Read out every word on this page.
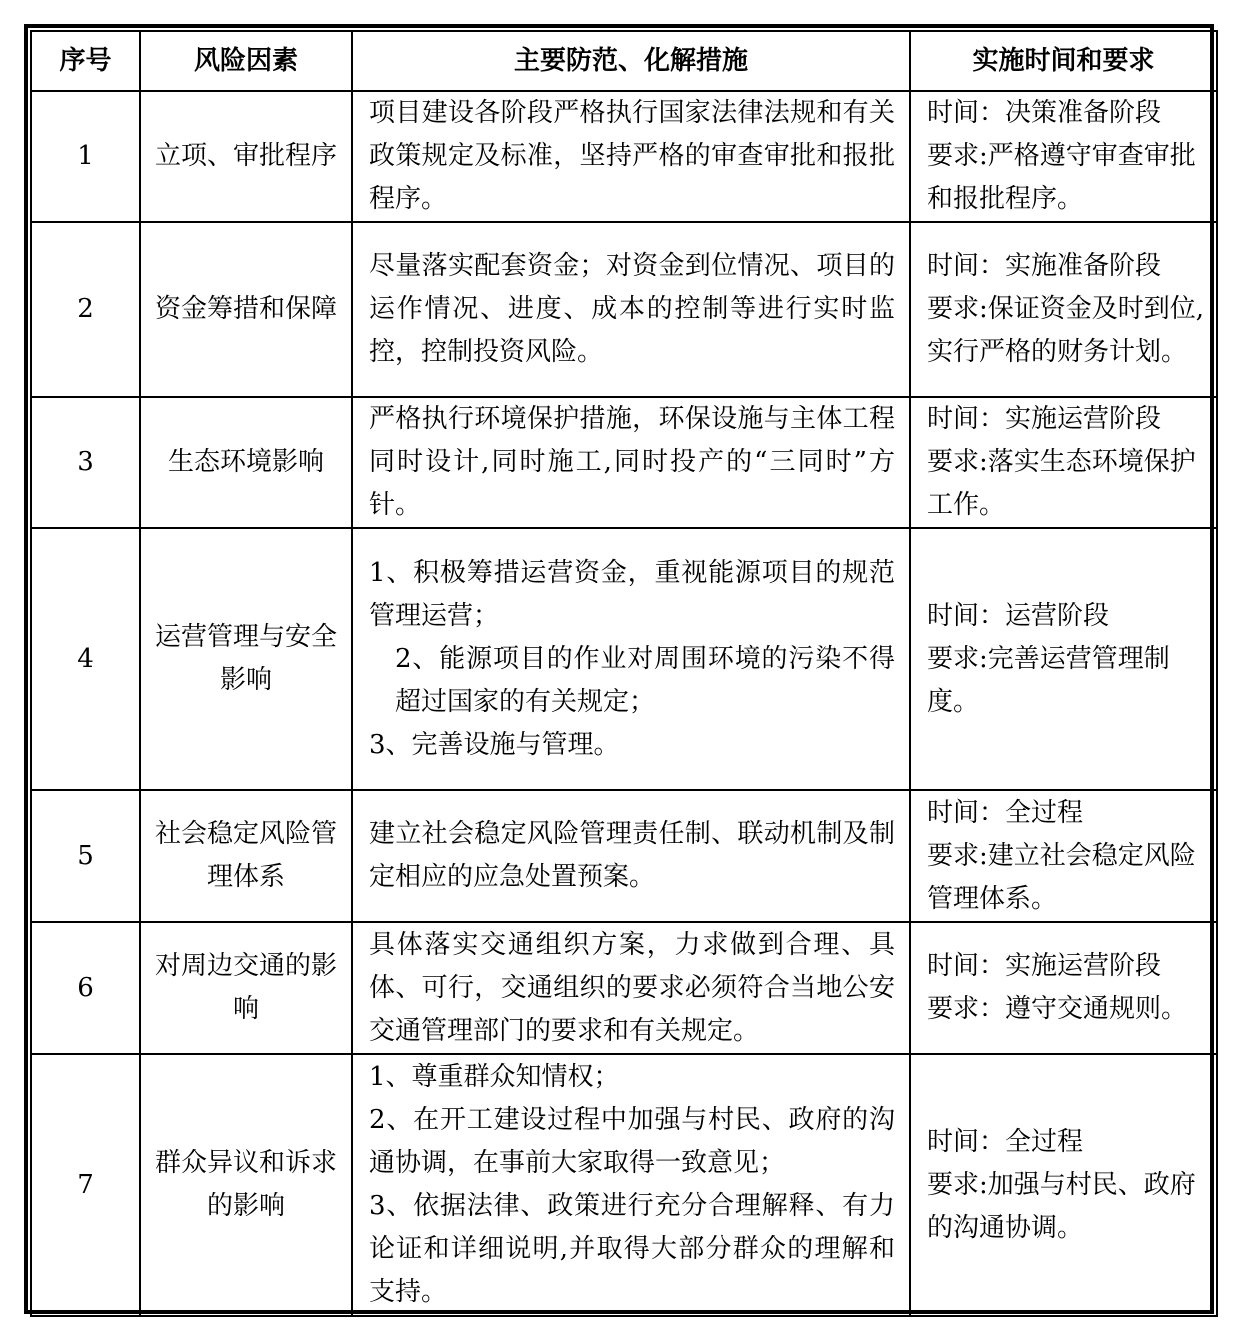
序号	风险因素	主要防范、化解措施	实施时间和要求
1	立项、审批程序	项目建设各阶段严格执行国家法律法规和有关政策规定及标准，坚持严格的审查审批和报批程序。	时间：决策准备阶段
要求:严格遵守审查审批和报批程序。

2	资金筹措和保障	尽量落实配套资金；对资金到位情况、项目的运作情况、进度、成本的控制等进行实时监控，控制投资风险。	时间：实施准备阶段
要求:保证资金及时到位,实行严格的财务计划。

3	生态环境影响	严格执行环境保护措施，环保设施与主体工程同时设计,同时施工,同时投产的“三同时”方针。	时间：实施运营阶段
要求:落实生态环境保护工作。

4	运营管理与安全影响	1、积极筹措运营资金，重视能源项目的规范管理运营；
2、能源项目的作业对周围环境的污染不得超过国家的有关规定；
3、完善设施与管理。	时间：运营阶段
要求:完善运营管理制度。

5	社会稳定风险管理体系	建立社会稳定风险管理责任制、联动机制及制定相应的应急处置预案。	时间：全过程
要求:建立社会稳定风险管理体系。

6	对周边交通的影响	具体落实交通组织方案，力求做到合理、具体、可行，交通组织的要求必须符合当地公安交通管理部门的要求和有关规定。	时间：实施运营阶段
要求：遵守交通规则。

7	群众异议和诉求的影响	1、尊重群众知情权；
2、在开工建设过程中加强与村民、政府的沟通协调，在事前大家取得一致意见；
3、依据法律、政策进行充分合理解释、有力论证和详细说明,并取得大部分群众的理解和支持。	时间：全过程
要求:加强与村民、政府的沟通协调。
